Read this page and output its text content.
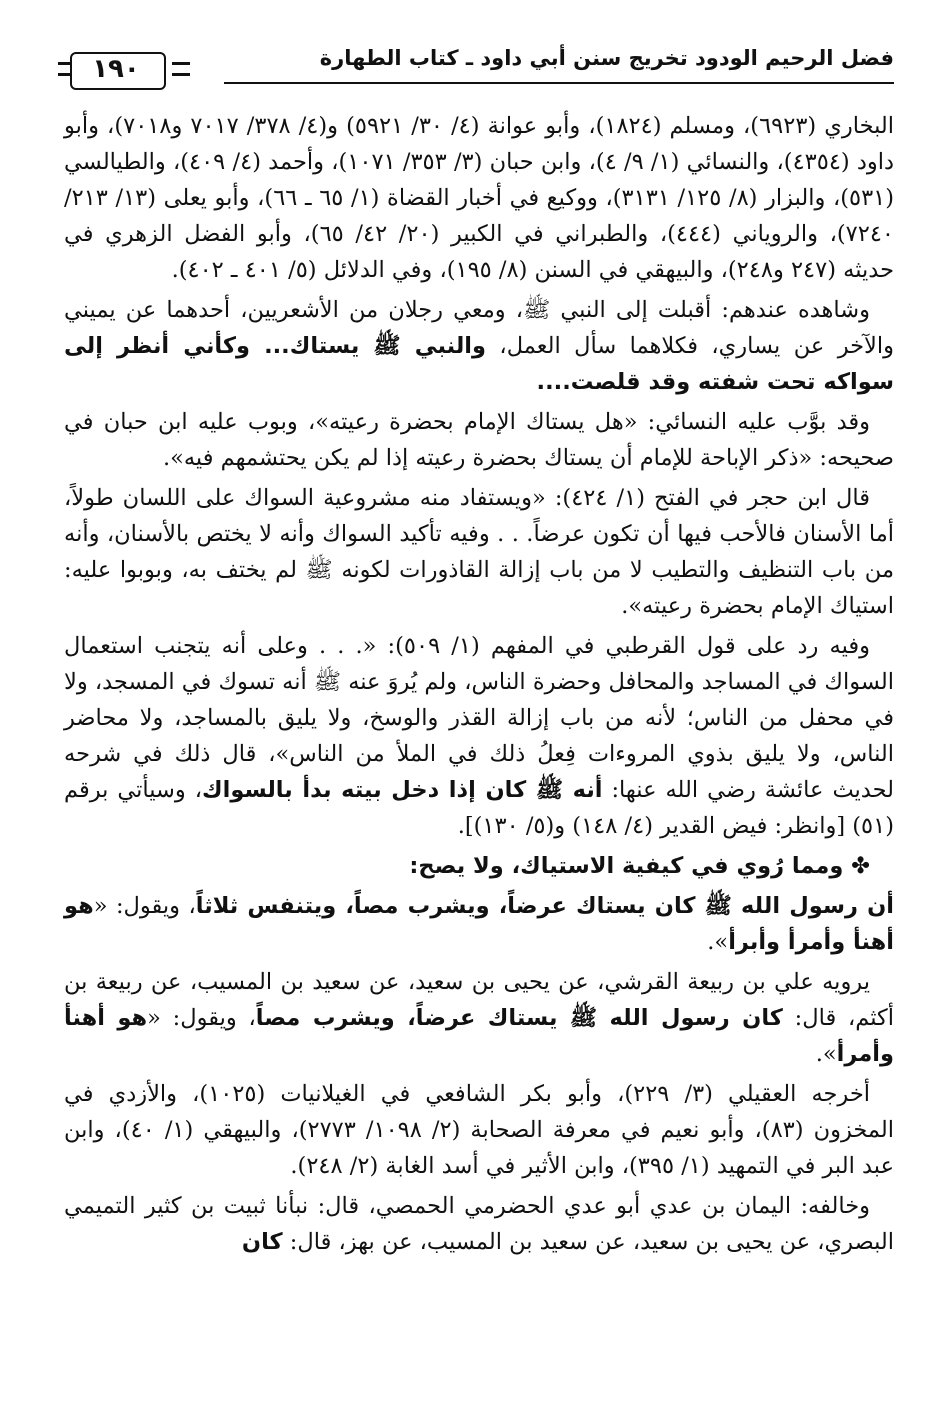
١٩٠	فضل الرحيم الودود تخريج سنن أبي داود ـ كتاب الطهارة

البخاري (٦٩٢٣)، ومسلم (١٨٢٤)، وأبو عوانة (٤/ ٣٠/ ٥٩٢١) و(٤/ ٣٧٨/ ٧٠١٧ و٧٠١٨)، وأبو داود (٤٣٥٤)، والنسائي (١/ ٩/ ٤)، وابن حبان (٣/ ٣٥٣/ ١٠٧١)، وأحمد (٤/ ٤٠٩)، والطيالسي (٥٣١)، والبزار (٨/ ١٢٥/ ٣١٣١)، ووكيع في أخبار القضاة (١/ ٦٥ ـ ٦٦)، وأبو يعلى (١٣/ ٢١٣/ ٧٢٤٠)، والروياني (٤٤٤)، والطبراني في الكبير (٢٠/ ٤٢/ ٦٥)، وأبو الفضل الزهري في حديثه (٢٤٧ و٢٤٨)، والبيهقي في السنن (٨/ ١٩٥)، وفي الدلائل (٥/ ٤٠١ ـ ٤٠٢).

وشاهده عندهم: أقبلت إلى النبي ﷺ، ومعي رجلان من الأشعريين، أحدهما عن يميني والآخر عن يساري، فكلاهما سأل العمل، والنبي ﷺ يستاك... وكأني أنظر إلى سواكه تحت شفته وقد قلصت....

وقد بوَّب عليه النسائي: «هل يستاك الإمام بحضرة رعيته»، وبوب عليه ابن حبان في صحيحه: «ذكر الإباحة للإمام أن يستاك بحضرة رعيته إذا لم يكن يحتشمهم فيه».

قال ابن حجر في الفتح (١/ ٤٢٤): «ويستفاد منه مشروعية السواك على اللسان طولاً، أما الأسنان فالأحب فيها أن تكون عرضاً. . . وفيه تأكيد السواك وأنه لا يختص بالأسنان، وأنه من باب التنظيف والتطيب لا من باب إزالة القاذورات لكونه ﷺ لم يختف به، وبوبوا عليه: استياك الإمام بحضرة رعيته».

وفيه رد على قول القرطبي في المفهم (١/ ٥٠٩): «. . . وعلى أنه يتجنب استعمال السواك في المساجد والمحافل وحضرة الناس، ولم يُروَ عنه ﷺ أنه تسوك في المسجد، ولا في محفل من الناس؛ لأنه من باب إزالة القذر والوسخ، ولا يليق بالمساجد، ولا محاضر الناس، ولا يليق بذوي المروءات فِعلُ ذلك في الملأ من الناس»، قال ذلك في شرحه لحديث عائشة رضي الله عنها: أنه ﷺ كان إذا دخل بيته بدأ بالسواك، وسيأتي برقم (٥١) [وانظر: فيض القدير (٤/ ١٤٨) و(٥/ ١٣٠)].

✤ ومما رُوي في كيفية الاستياك، ولا يصح:

أن رسول الله ﷺ كان يستاك عرضاً، ويشرب مصاً، ويتنفس ثلاثاً، ويقول: «هو أهنأ وأمرأ وأبرأ».

يرويه علي بن ربيعة القرشي، عن يحيى بن سعيد، عن سعيد بن المسيب، عن ربيعة بن أكثم، قال: كان رسول الله ﷺ يستاك عرضاً، ويشرب مصاً، ويقول: «هو أهنأ وأمرأ».

أخرجه العقيلي (٣/ ٢٢٩)، وأبو بكر الشافعي في الغيلانيات (١٠٢٥)، والأزدي في المخزون (٨٣)، وأبو نعيم في معرفة الصحابة (٢/ ١٠٩٨/ ٢٧٧٣)، والبيهقي (١/ ٤٠)، وابن عبد البر في التمهيد (١/ ٣٩٥)، وابن الأثير في أسد الغابة (٢/ ٢٤٨).

وخالفه: اليمان بن عدي أبو عدي الحضرمي الحمصي، قال: نبأنا ثبيت بن كثير التميمي البصري، عن يحيى بن سعيد، عن سعيد بن المسيب، عن بهز، قال: كان
